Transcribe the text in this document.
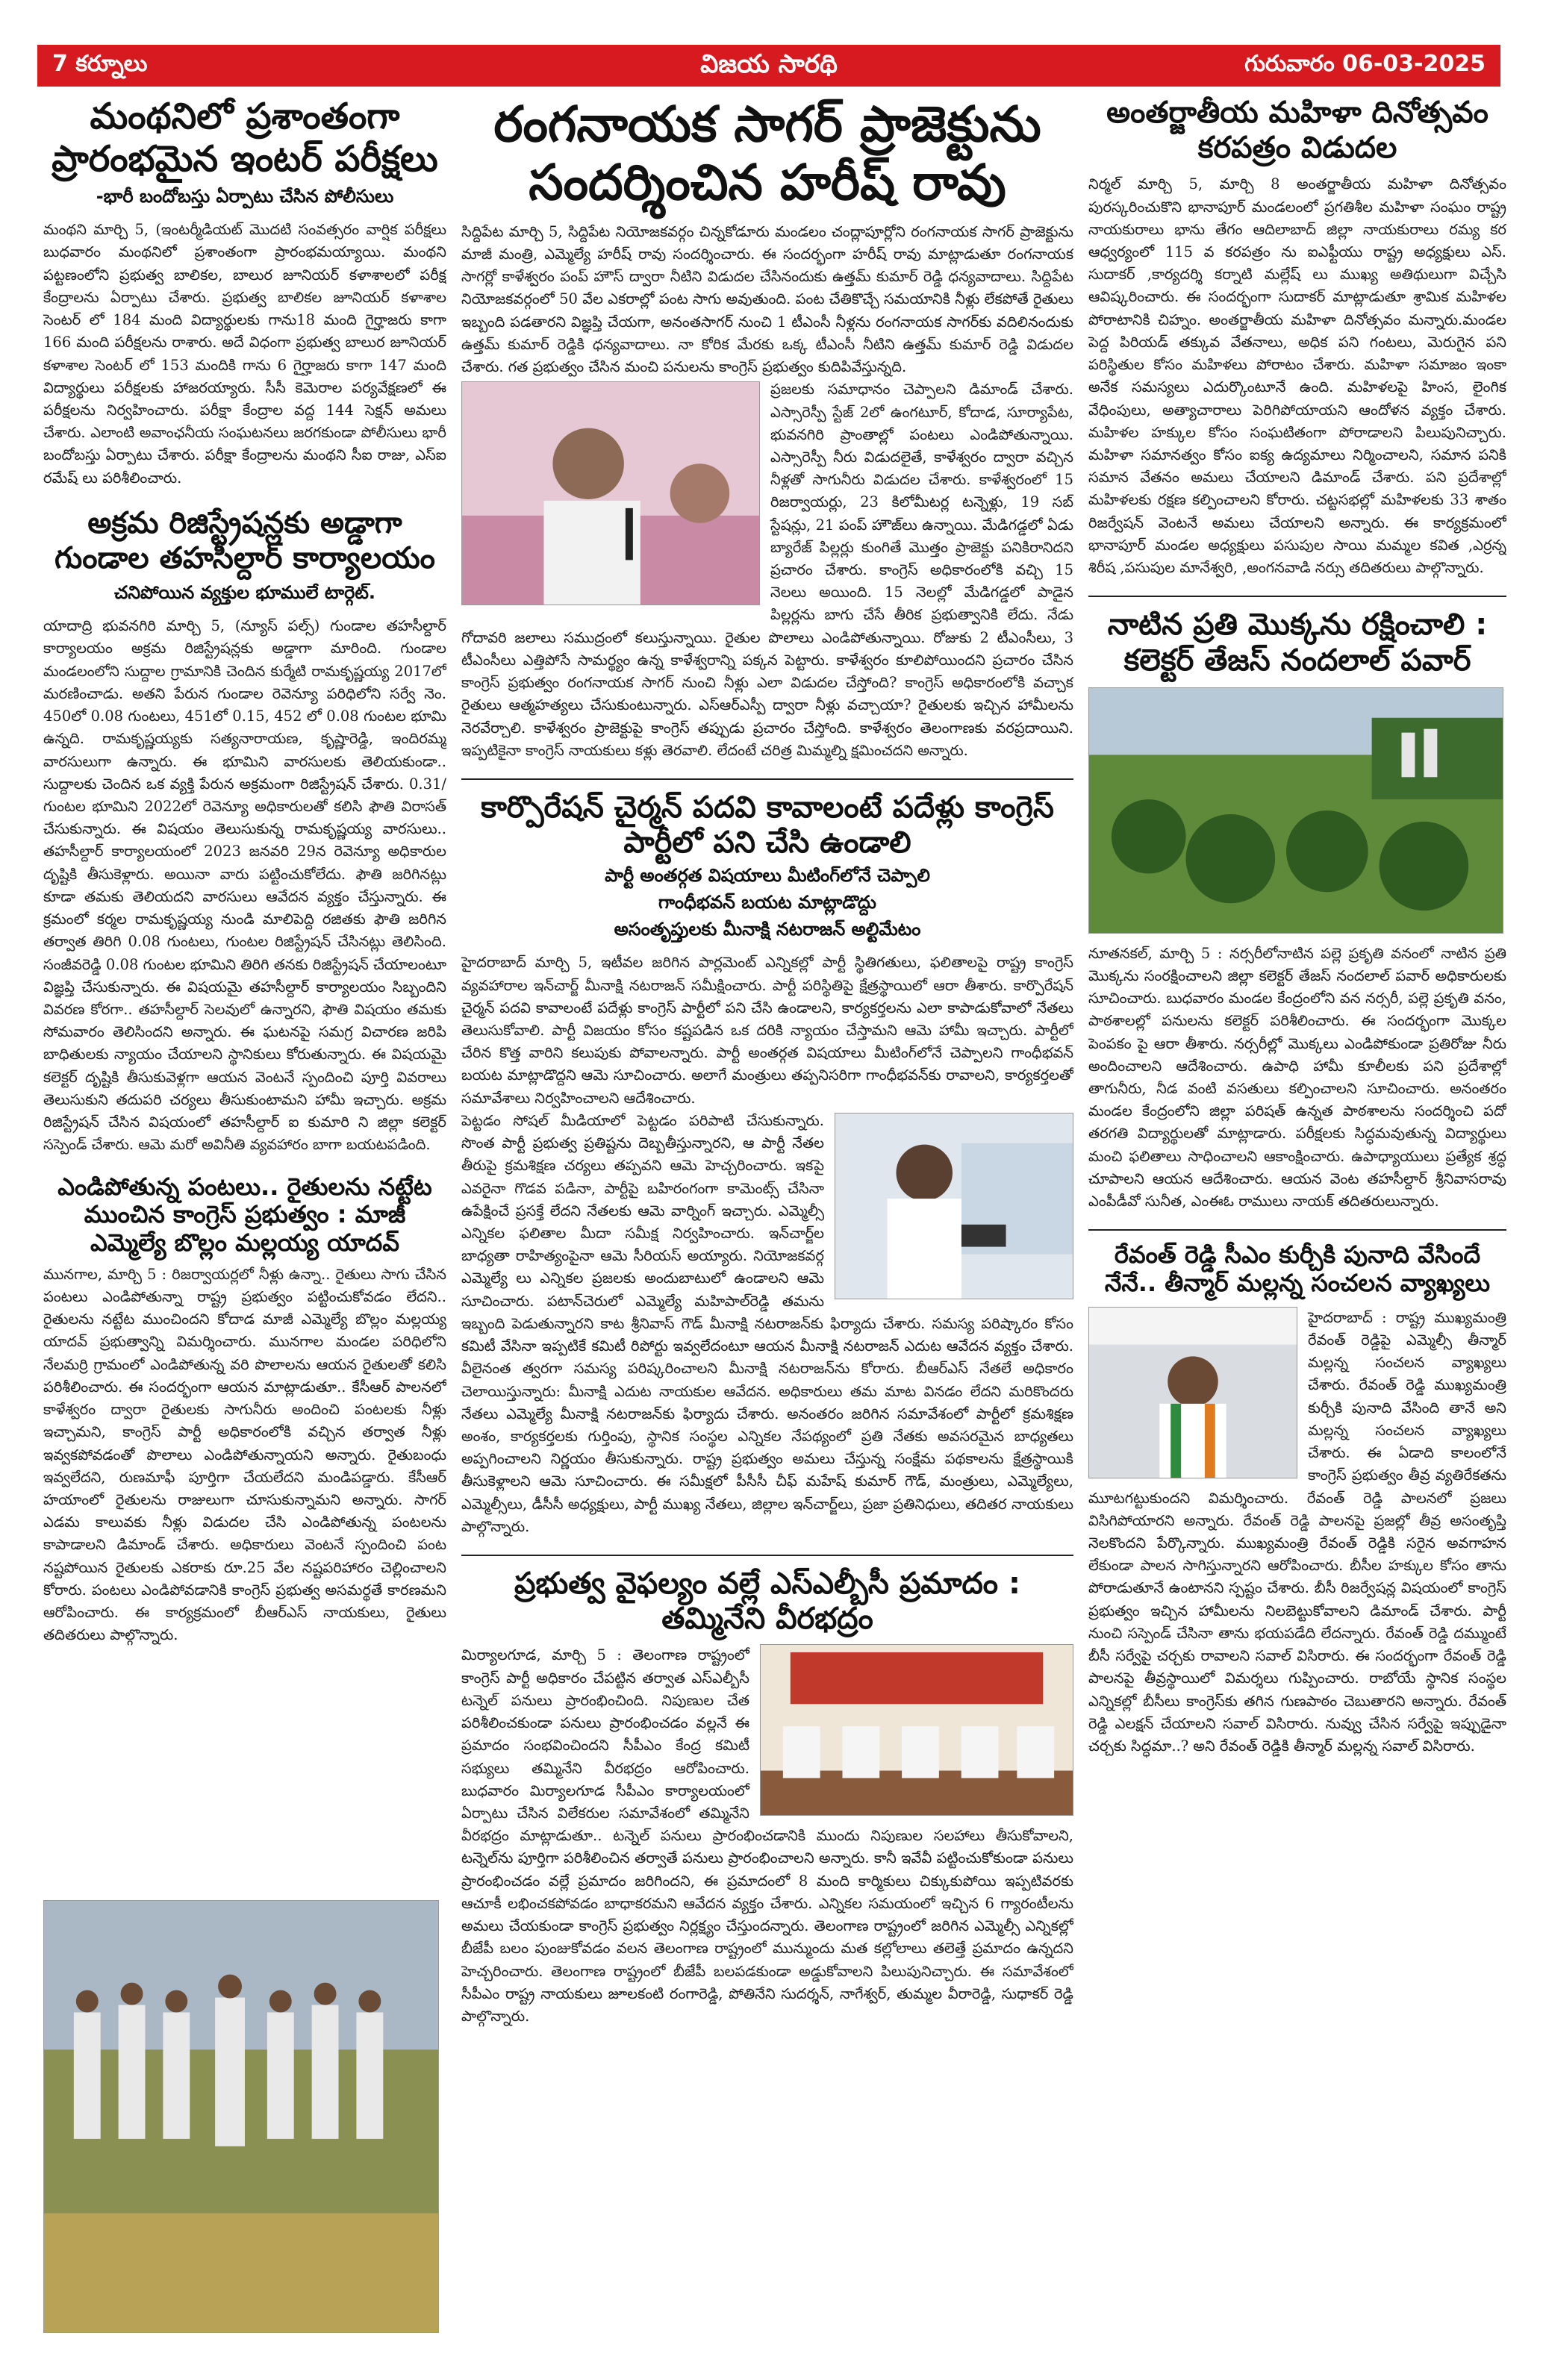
7 కర్నూలు	విజయ సారథి	గురువారం 06-03-2025
మంథనిలో ప్రశాంతంగా ప్రారంభమైన ఇంటర్ పరీక్షలు
-భారీ బందోబస్తు ఏర్పాటు చేసిన పోలీసులు
మంథని మార్చి 5, (ఇంటర్మీడియట్ మొదటి సంవత్సరం వార్షిక పరీక్షలు బుధవారం మంథనిలో ప్రశాంతంగా ప్రారంభమయ్యాయి. మంథని పట్టణంలోని ప్రభుత్వ బాలికల, బాలుర జూనియర్ కళాశాలలో పరీక్ష కేంద్రాలను ఏర్పాటు చేశారు. ప్రభుత్వ బాలికల జూనియర్ కళాశాల సెంటర్ లో 184 మంది విద్యార్థులకు గాను18 మంది గైర్హాజరు కాగా 166 మంది పరీక్షలను రాశారు. అదే విధంగా ప్రభుత్వ బాలుర జూనియర్ కళాశాల సెంటర్ లో 153 మందికి గాను 6 గైర్హాజరు కాగా 147 మంది విద్యార్థులు పరీక్షలకు హాజరయ్యారు. సీసీ కెమెరాల పర్యవేక్షణలో ఈ పరీక్షలను నిర్వహించారు. పరీక్షా కేంద్రాల వద్ద 144 సెక్షన్ అమలు చేశారు. ఎలాంటి అవాంఛనీయ సంఘటనలు జరగకుండా పోలీసులు భారీ బందోబస్తు ఏర్పాటు చేశారు. పరీక్షా కేంద్రాలను మంథని సీఐ రాజు, ఎస్ఐ రమేష్ లు పరిశీలించారు.
అక్రమ రిజిస్ట్రేషన్లకు అడ్డాగా గుండాల తహసీల్దార్ కార్యాలయం
చనిపోయిన వ్యక్తుల భూములే టార్గెట్.
యాదాద్రి భువనగిరి మార్చి 5, (న్యూస్ పల్స్) గుండాల తహసీల్దార్ కార్యాలయం అక్రమ రిజిస్ట్రేషన్లకు అడ్డాగా మారింది. గుండాల మండలంలోని సుద్దాల గ్రామానికి చెందిన కుర్మేటి రామకృష్ణయ్య 2017లో మరణించాడు. అతని పేరున గుండాల రెవెన్యూ పరిధిలోని సర్వే నెం. 450లో 0.08 గుంటలు, 451లో 0.15, 452 లో 0.08 గుంటల భూమి ఉన్నది. రామకృష్ణయ్యకు సత్యనారాయణ, కృష్ణారెడ్డి, ఇందిరమ్మ వారసులుగా ఉన్నారు. ఈ భూమిని వారసులకు తెలియకుండా.. సుద్దాలకు చెందిన ఒక వ్యక్తి పేరున అక్రమంగా రిజిస్ట్రేషన్ చేశారు. 0.31/గుంటల భూమిని 2022లో రెవెన్యూ అధికారులతో కలిసి ఫౌతి విరాసత్ చేసుకున్నారు. ఈ విషయం తెలుసుకున్న రామకృష్ణయ్య వారసులు.. తహసీల్దార్ కార్యాలయంలో 2023 జనవరి 29న రెవెన్యూ అధికారుల దృష్టికి తీసుకెళ్లారు. అయినా వారు పట్టించుకోలేదు. ఫౌతి జరిగినట్లు కూడా తమకు తెలియదని వారసులు ఆవేదన వ్యక్తం చేస్తున్నారు. ఈ క్రమంలో కర్మల రామకృష్ణయ్య నుండి మాలిపెద్ది రజితకు ఫౌతి జరిగిన తర్వాత తిరిగి 0.08 గుంటలు, గుంటల రిజిస్ట్రేషన్ చేసినట్లు తెలిసింది. సంజీవరెడ్డి 0.08 గుంటల భూమిని తిరిగి తనకు రిజిస్ట్రేషన్ చేయాలంటూ విజ్ఞప్తి చేసుకున్నారు. ఈ విషయమై తహసీల్దార్ కార్యాలయం సిబ్బందిని వివరణ కోరగా.. తహసీల్దార్ సెలవులో ఉన్నారని, ఫౌతి విషయం తమకు సోమవారం తెలిసిందని అన్నారు. ఈ ఘటనపై సమగ్ర విచారణ జరిపి బాధితులకు న్యాయం చేయాలని స్థానికులు కోరుతున్నారు. ఈ విషయమై కలెక్టర్ దృష్టికి తీసుకువెళ్లగా ఆయన వెంటనే స్పందించి పూర్తి వివరాలు తెలుసుకుని తదుపరి చర్యలు తీసుకుంటామని హామీ ఇచ్చారు. అక్రమ రిజిస్ట్రేషన్ చేసిన విషయంలో తహసీల్దార్ ఐ కుమారి ని జిల్లా కలెక్టర్ సస్పెండ్ చేశారు. ఆమె మరో అవినీతి వ్యవహారం బాగా బయటపడింది.
ఎండిపోతున్న పంటలు.. రైతులను నట్టేట ముంచిన కాంగ్రెస్ ప్రభుత్వం : మాజీ ఎమ్మెల్యే బొల్లం మల్లయ్య యాదవ్
మునగాల, మార్చి 5 : రిజర్వాయర్లలో నీళ్లు ఉన్నా.. రైతులు సాగు చేసిన పంటలు ఎండిపోతున్నా రాష్ట్ర ప్రభుత్వం పట్టించుకోవడం లేదని.. రైతులను నట్టేట ముంచిందని కోదాడ మాజీ ఎమ్మెల్యే బొల్లం మల్లయ్య యాదవ్ ప్రభుత్వాన్ని విమర్శించారు. మునగాల మండల పరిధిలోని నేలమర్రి గ్రామంలో ఎండిపోతున్న వరి పొలాలను ఆయన రైతులతో కలిసి పరిశీలించారు. ఈ సందర్భంగా ఆయన మాట్లాడుతూ.. కేసీఆర్ పాలనలో కాళేశ్వరం ద్వారా రైతులకు సాగునీరు అందించి పంటలకు నీళ్లు ఇచ్చామని, కాంగ్రెస్ పార్టీ అధికారంలోకి వచ్చిన తర్వాత నీళ్లు ఇవ్వకపోవడంతో పొలాలు ఎండిపోతున్నాయని అన్నారు. రైతుబంధు ఇవ్వలేదని, రుణమాఫీ పూర్తిగా చేయలేదని మండిపడ్డారు. కేసీఆర్ హయాంలో రైతులను రాజులుగా చూసుకున్నామని అన్నారు. సాగర్ ఎడమ కాలువకు నీళ్లు విడుదల చేసి ఎండిపోతున్న పంటలను కాపాడాలని డిమాండ్ చేశారు. అధికారులు వెంటనే స్పందించి పంట నష్టపోయిన రైతులకు ఎకరాకు రూ.25 వేల నష్టపరిహారం చెల్లించాలని కోరారు. పంటలు ఎండిపోవడానికి కాంగ్రెస్ ప్రభుత్వ అసమర్థతే కారణమని ఆరోపించారు. ఈ కార్యక్రమంలో బీఆర్ఎస్ నాయకులు, రైతులు తదితరులు పాల్గొన్నారు.
రంగనాయక సాగర్ ప్రాజెక్టును సందర్శించిన హరీష్ రావు
సిద్దిపేట మార్చి 5, సిద్దిపేట నియోజకవర్గం చిన్నకోడూరు మండలం చంద్లాపూర్లోని రంగనాయక సాగర్ ప్రాజెక్టును మాజీ మంత్రి, ఎమ్మెల్యే హరీష్ రావు సందర్శించారు. ఈ సందర్భంగా హరీష్ రావు మాట్లాడుతూ రంగనాయక సాగర్లో కాళేశ్వరం పంప్ హౌస్ ద్వారా నీటిని విడుదల చేసినందుకు ఉత్తమ్ కుమార్ రెడ్డి ధన్యవాదాలు. సిద్దిపేట నియోజకవర్గంలో 50 వేల ఎకరాల్లో పంట సాగు అవుతుంది. పంట చేతికొచ్చే సమయానికి నీళ్లు లేకపోతే రైతులు ఇబ్బంది పడతారని విజ్ఞప్తి చేయగా, అనంతసాగర్ నుంచి 1 టీఎంసీ నీళ్లను రంగనాయక సాగర్‌కు వదిలినందుకు ఉత్తమ్ కుమార్ రెడ్డికి ధన్యవాదాలు. నా కోరిక మేరకు ఒక్క టీఎంసీ నీటిని ఉత్తమ్ కుమార్ రెడ్డి విడుదల చేశారు. గత ప్రభుత్వం చేసిన మంచి పనులను కాంగ్రెస్ ప్రభుత్వం కుదిపివేస్తున్నది.
ప్రజలకు సమాధానం చెప్పాలని డిమాండ్ చేశారు. ఎస్సారెస్పీ స్టేజ్ 2లో ఉంగటూర్, కోదాడ, సూర్యాపేట, భువనగిరి ప్రాంతాల్లో పంటలు ఎండిపోతున్నాయి. ఎస్సారెస్పీ నీరు విడుదలైతే, కాళేశ్వరం ద్వారా వచ్చిన నీళ్లతో సాగునీరు విడుదల చేశారు. కాళేశ్వరంలో 15 రిజర్వాయర్లు, 23 కిలోమీటర్ల టన్నెళ్లు, 19 సబ్ స్టేషన్లు, 21 పంప్ హౌజ్‌లు ఉన్నాయి. మేడిగడ్డలో ఏడు బ్యారేజ్ పిల్లర్లు కుంగితే మొత్తం ప్రాజెక్టు పనికిరానిదని ప్రచారం చేశారు. కాంగ్రెస్ అధికారంలోకి వచ్చి 15 నెలలు అయింది. 15 నెలల్లో మేడిగడ్డలో పాడైన పిల్లర్లను బాగు చేసే తీరిక ప్రభుత్వానికి లేదు. నేడు గోదావరి జలాలు సముద్రంలో కలుస్తున్నాయి. రైతుల పొలాలు ఎండిపోతున్నాయి. రోజుకు 2 టీఎంసీలు, 3 టీఎంసీలు ఎత్తిపోసే సామర్థ్యం ఉన్న కాళేశ్వరాన్ని పక్కన పెట్టారు. కాళేశ్వరం కూలిపోయిందని ప్రచారం చేసిన కాంగ్రెస్ ప్రభుత్వం రంగనాయక సాగర్ నుంచి నీళ్లు ఎలా విడుదల చేస్తోంది? కాంగ్రెస్ అధికారంలోకి వచ్చాక రైతులు ఆత్మహత్యలు చేసుకుంటున్నారు. ఎస్ఆర్ఎస్పీ ద్వారా నీళ్లు వచ్చాయా? రైతులకు ఇచ్చిన హామీలను నెరవేర్చాలి. కాళేశ్వరం ప్రాజెక్టుపై కాంగ్రెస్ తప్పుడు ప్రచారం చేస్తోంది. కాళేశ్వరం తెలంగాణకు వరప్రదాయిని. ఇప్పటికైనా కాంగ్రెస్ నాయకులు కళ్లు తెరవాలి. లేదంటే చరిత్ర మిమ్మల్ని క్షమించదని అన్నారు.
కార్పొరేషన్ చైర్మన్ పదవి కావాలంటే పదేళ్లు కాంగ్రెస్ పార్టీలో పని చేసి ఉండాలి
పార్టీ అంతర్గత విషయాలు మీటింగ్‌లోనే చెప్పాలి
గాంధీభవన్ బయట మాట్లాడొద్దు
అసంతృప్తులకు మీనాక్షి నటరాజన్ అల్టిమేటం
హైదరాబాద్ మార్చి 5, ఇటీవల జరిగిన పార్లమెంట్ ఎన్నికల్లో పార్టీ స్థితిగతులు, ఫలితాలపై రాష్ట్ర కాంగ్రెస్ వ్యవహారాల ఇన్‌చార్జ్ మీనాక్షి నటరాజన్ సమీక్షించారు. పార్టీ పరిస్థితిపై క్షేత్రస్థాయిలో ఆరా తీశారు. కార్పొరేషన్ చైర్మన్ పదవి కావాలంటే పదేళ్లు కాంగ్రెస్ పార్టీలో పని చేసి ఉండాలని, కార్యకర్తలను ఎలా కాపాడుకోవాలో నేతలు తెలుసుకోవాలి. పార్టీ విజయం కోసం కష్టపడిన ఒక దరికి న్యాయం చేస్తామని ఆమె హామీ ఇచ్చారు. పార్టీలో చేరిన కొత్త వారిని కలుపుకు పోవాలన్నారు. పార్టీ అంతర్గత విషయాలు మీటింగ్‌లోనే చెప్పాలని గాంధీభవన్ బయట మాట్లాడొద్దని ఆమె సూచించారు. అలాగే మంత్రులు తప్పనిసరిగా గాంధీభవన్‌కు రావాలని, కార్యకర్తలతో సమావేశాలు నిర్వహించాలని ఆదేశించారు.
పెట్టడం సోషల్ మీడియాలో పెట్టడం పరిపాటి చేసుకున్నారు. సొంత పార్టీ ప్రభుత్వ ప్రతిష్టను దెబ్బతీస్తున్నారని, ఆ పార్టీ నేతల తీరుపై క్రమశిక్షణ చర్యలు తప్పవని ఆమె హెచ్చరించారు. ఇకపై ఎవరైనా గొడవ పడినా, పార్టీపై బహిరంగంగా కామెంట్స్ చేసినా ఉపేక్షించే ప్రసక్తే లేదని నేతలకు ఆమె వార్నింగ్ ఇచ్చారు. ఎమ్మెల్సీ ఎన్నికల ఫలితాల మీదా సమీక్ష నిర్వహించారు. ఇన్‌చార్జ్‌ల బాధ్యతా రాహిత్యంపైనా ఆమె సీరియస్ అయ్యారు. నియోజకవర్గ ఎమ్మెల్యే లు ఎన్నికల ప్రజలకు అందుబాటులో ఉండాలని ఆమె సూచించారు. పటాన్‌చెరులో ఎమ్మెల్యే మహిపాల్‌రెడ్డి తమను ఇబ్బంది పెడుతున్నారని కాట శ్రీనివాస్ గౌడ్ మీనాక్షి నటరాజన్‌కు ఫిర్యాదు చేశారు. సమస్య పరిష్కారం కోసం కమిటీ వేసినా ఇప్పటికే కమిటీ రిపోర్టు ఇవ్వలేదంటూ ఆయన మీనాక్షి నటరాజన్ ఎదుట ఆవేదన వ్యక్తం చేశారు. వీలైనంత త్వరగా సమస్య పరిష్కరించాలని మీనాక్షి నటరాజన్‌ను కోరారు. బీఆర్ఎస్ నేతలే అధికారం చెలాయిస్తున్నారు: మీనాక్షి ఎదుట నాయకుల ఆవేదన. అధికారులు తమ మాట వినడం లేదని మరికొందరు నేతలు ఎమ్మెల్యే మీనాక్షి నటరాజన్‌కు ఫిర్యాదు చేశారు. అనంతరం జరిగిన సమావేశంలో పార్టీలో క్రమశిక్షణ అంశం, కార్యకర్తలకు గుర్తింపు, స్థానిక సంస్థల ఎన్నికల నేపథ్యంలో ప్రతి నేతకు అవసరమైన బాధ్యతలు అప్పగించాలని నిర్ణయం తీసుకున్నారు. రాష్ట్ర ప్రభుత్వం అమలు చేస్తున్న సంక్షేమ పథకాలను క్షేత్రస్థాయికి తీసుకెళ్లాలని ఆమె సూచించారు. ఈ సమీక్షలో పీసీసీ చీఫ్ మహేష్ కుమార్ గౌడ్, మంత్రులు, ఎమ్మెల్యేలు, ఎమ్మెల్సీలు, డీసీసీ అధ్యక్షులు, పార్టీ ముఖ్య నేతలు, జిల్లాల ఇన్‌చార్జ్‌లు, ప్రజా ప్రతినిధులు, తదితర నాయకులు పాల్గొన్నారు.
ప్రభుత్వ వైఫల్యం వల్లే ఎస్ఎల్బీసీ ప్రమాదం : తమ్మినేని వీరభద్రం
మిర్యాలగూడ, మార్చి 5 : తెలంగాణ రాష్ట్రంలో కాంగ్రెస్ పార్టీ అధికారం చేపట్టిన తర్వాత ఎస్ఎల్బీసీ టన్నెల్ పనులు ప్రారంభించింది. నిపుణుల చేత పరిశీలించకుండా పనులు ప్రారంభించడం వల్లనే ఈ ప్రమాదం సంభవించిందని సీపీఎం కేంద్ర కమిటీ సభ్యులు తమ్మినేని వీరభద్రం ఆరోపించారు. బుధవారం మిర్యాలగూడ సీపీఎం కార్యాలయంలో ఏర్పాటు చేసిన విలేకరుల సమావేశంలో తమ్మినేని వీరభద్రం మాట్లాడుతూ.. టన్నెల్ పనులు ప్రారంభించడానికి ముందు నిపుణుల సలహాలు తీసుకోవాలని, టన్నెల్‌ను పూర్తిగా పరిశీలించిన తర్వాతే పనులు ప్రారంభించాలని అన్నారు. కానీ ఇవేవీ పట్టించుకోకుండా పనులు ప్రారంభించడం వల్లే ప్రమాదం జరిగిందని, ఈ ప్రమాదంలో 8 మంది కార్మికులు చిక్కుకుపోయి ఇప్పటివరకు ఆచూకీ లభించకపోవడం బాధాకరమని ఆవేదన వ్యక్తం చేశారు. ఎన్నికల సమయంలో ఇచ్చిన 6 గ్యారంటీలను అమలు చేయకుండా కాంగ్రెస్ ప్రభుత్వం నిర్లక్ష్యం చేస్తుందన్నారు. తెలంగాణ రాష్ట్రంలో జరిగిన ఎమ్మెల్సీ ఎన్నికల్లో బీజేపీ బలం పుంజుకోవడం వలన తెలంగాణ రాష్ట్రంలో మున్ముందు మత కల్లోలాలు తలెత్తే ప్రమాదం ఉన్నదని హెచ్చరించారు. తెలంగాణ రాష్ట్రంలో బీజేపీ బలపడకుండా అడ్డుకోవాలని పిలుపునిచ్చారు. ఈ సమావేశంలో సీపీఎం రాష్ట్ర నాయకులు జూలకంటి రంగారెడ్డి, పోతినేని సుదర్శన్, నాగేశ్వర్, తుమ్మల వీరారెడ్డి, సుధాకర్ రెడ్డి పాల్గొన్నారు.
అంతర్జాతీయ మహిళా దినోత్సవం కరపత్రం విడుదల
నిర్మల్ మార్చి 5, మార్చి 8 అంతర్జాతీయ మహిళా దినోత్సవం పురస్కరించుకొని భానాపూర్ మండలంలో ప్రగతిశీల మహిళా సంఘం రాష్ట్ర నాయకురాలు భాను తేగం ఆదిలాబాద్ జిల్లా నాయకురాలు రమ్య కర ఆధ్వర్యంలో 115 వ కరపత్రం ను ఐఎఫ్టీయు రాష్ట్ర అధ్యక్షులు ఎస్. సుదాకర్ ,కార్యదర్శి కర్నాటి మల్లేష్ లు ముఖ్య అతిథులుగా విచ్చేసి ఆవిష్కరించారు. ఈ సందర్భంగా సుదాకర్ మాట్లాడుతూ శ్రామిక మహిళల పోరాటానికి చిహ్నం. అంతర్జాతీయ మహిళా దినోత్సవం మన్నారు.మండల పెద్ద పిరియడ్ తక్కువ వేతనాలు, అధిక పని గంటలు, మెరుగైన పని పరిస్థితుల కోసం మహిళలు పోరాటం చేశారు. మహిళా సమాజం ఇంకా అనేక సమస్యలు ఎదుర్కొంటూనే ఉంది. మహిళలపై హింస, లైంగిక వేధింపులు, అత్యాచారాలు పెరిగిపోయాయని ఆందోళన వ్యక్తం చేశారు. మహిళల హక్కుల కోసం సంఘటితంగా పోరాడాలని పిలుపునిచ్చారు. మహిళా సమానత్వం కోసం ఐక్య ఉద్యమాలు నిర్మించాలని, సమాన పనికి సమాన వేతనం అమలు చేయాలని డిమాండ్ చేశారు. పని ప్రదేశాల్లో మహిళలకు రక్షణ కల్పించాలని కోరారు. చట్టసభల్లో మహిళలకు 33 శాతం రిజర్వేషన్ వెంటనే అమలు చేయాలని అన్నారు. ఈ కార్యక్రమంలో భానాపూర్ మండల అధ్యక్షులు పసుపుల సాయి మమ్మల కవిత ,ఎర్రన్న శిరీష ,పసుపుల మానేశ్వరి, ,అంగనవాడి నర్సు తదితరులు పాల్గొన్నారు.
నాటిన ప్రతి మొక్కను రక్షించాలి : కలెక్టర్ తేజస్ నందలాల్ పవార్
నూతనకల్, మార్చి 5 : నర్సరీలోనాటిన పల్లె ప్రకృతి వనంలో నాటిన ప్రతి మొక్కను సంరక్షించాలని జిల్లా కలెక్టర్ తేజస్ నందలాల్ పవార్ అధికారులకు సూచించారు. బుధవారం మండల కేంద్రంలోని వన నర్సరీ, పల్లె ప్రకృతి వనం, పాఠశాలల్లో పనులను కలెక్టర్ పరిశీలించారు. ఈ సందర్భంగా మొక్కల పెంపకం పై ఆరా తీశారు. నర్సరీల్లో మొక్కలు ఎండిపోకుండా ప్రతిరోజు నీరు అందించాలని ఆదేశించారు. ఉపాధి హామీ కూలీలకు పని ప్రదేశాల్లో తాగునీరు, నీడ వంటి వసతులు కల్పించాలని సూచించారు. అనంతరం మండల కేంద్రంలోని జిల్లా పరిషత్ ఉన్నత పాఠశాలను సందర్శించి పదో తరగతి విద్యార్థులతో మాట్లాడారు. పరీక్షలకు సిద్ధమవుతున్న విద్యార్థులు మంచి ఫలితాలు సాధించాలని ఆకాంక్షించారు. ఉపాధ్యాయులు ప్రత్యేక శ్రద్ధ చూపాలని ఆయన ఆదేశించారు. ఆయన వెంట తహసీల్దార్ శ్రీనివాసరావు ఎంపీడీవో సునీత, ఎంఈఓ రాములు నాయక్ తదితరులున్నారు.
రేవంత్ రెడ్డి సీఎం కుర్చీకి పునాది వేసిందే నేనే.. తీన్మార్ మల్లన్న సంచలన వ్యాఖ్యలు
హైదరాబాద్ : రాష్ట్ర ముఖ్యమంత్రి రేవంత్ రెడ్డిపై ఎమ్మెల్సీ తీన్మార్ మల్లన్న సంచలన వ్యాఖ్యలు చేశారు. రేవంత్ రెడ్డి ముఖ్యమంత్రి కుర్చీకి పునాది వేసింది తానే అని మల్లన్న సంచలన వ్యాఖ్యలు చేశారు. ఈ ఏడాది కాలంలోనే కాంగ్రెస్ ప్రభుత్వం తీవ్ర వ్యతిరేకతను మూటగట్టుకుందని విమర్శించారు. రేవంత్ రెడ్డి పాలనలో ప్రజలు విసిగిపోయారని అన్నారు. రేవంత్ రెడ్డి పాలనపై ప్రజల్లో తీవ్ర అసంతృప్తి నెలకొందని పేర్కొన్నారు. ముఖ్యమంత్రి రేవంత్ రెడ్డికి సరైన అవగాహన లేకుండా పాలన సాగిస్తున్నారని ఆరోపించారు. బీసీల హక్కుల కోసం తాను పోరాడుతూనే ఉంటానని స్పష్టం చేశారు. బీసీ రిజర్వేషన్ల విషయంలో కాంగ్రెస్ ప్రభుత్వం ఇచ్చిన హామీలను నిలబెట్టుకోవాలని డిమాండ్ చేశారు. పార్టీ నుంచి సస్పెండ్ చేసినా తాను భయపడేది లేదన్నారు. రేవంత్ రెడ్డి దమ్ముంటే బీసీ సర్వేపై చర్చకు రావాలని సవాల్ విసిరారు. ఈ సందర్భంగా రేవంత్ రెడ్డి పాలనపై తీవ్రస్థాయిలో విమర్శలు గుప్పించారు. రాబోయే స్థానిక సంస్థల ఎన్నికల్లో బీసీలు కాంగ్రెస్‌కు తగిన గుణపాఠం చెబుతారని అన్నారు. రేవంత్ రెడ్డి ఎలక్షన్ చేయాలని సవాల్ విసిరారు. నువ్వు చేసిన సర్వేపై ఇప్పుడైనా చర్చకు సిద్ధమా..? అని రేవంత్ రెడ్డికి తీన్మార్ మల్లన్న సవాల్ విసిరారు.
